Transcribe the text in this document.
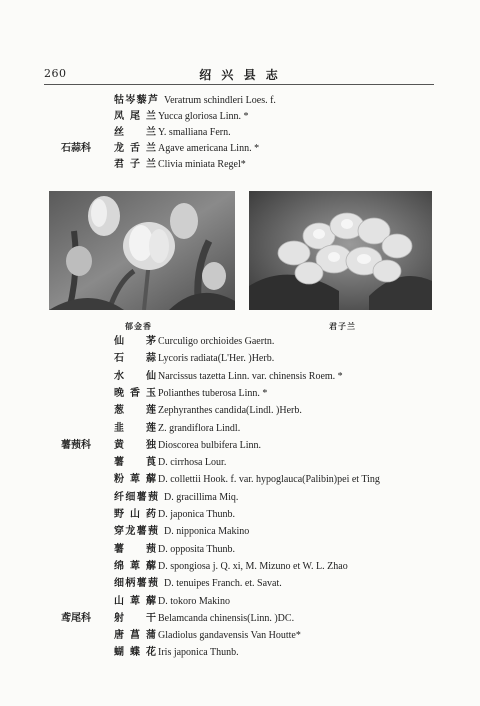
260	绍 兴 县 志
牯岑藜芦 Veratrum schindleri Loes. f.
凤尾兰 Yucca gloriosa Linn. *
丝 兰 Y. smalliana Fern.
石蒜科	龙舌兰 Agave americana Linn. *
君子兰 Clivia miniata Regel*
郁金香	君子兰
仙 茅 Curculigo orchioides Gaertn.
石 蒜 Lycoris radiata(L'Her. )Herb.
水 仙 Narcissus tazetta Linn. var. chinensis Roem. *
晚香玉 Polianthes tuberosa Linn. *
葱 莲 Zephyranthes candida(Lindl. )Herb.
韭 莲 Z. grandiflora Lindl.
薯蓣科	黄 独 Dioscorea bulbifera Linn.
薯 莨 D. cirrhosa Lour.
粉萆薢 D. collettii Hook. f. var. hypoglauca(Palibin)pei et Ting
纤细薯蓣 D. gracillima Miq.
野山药 D. japonica Thunb.
穿龙薯蓣 D. nipponica Makino
薯 蓣 D. opposita Thunb.
绵萆薢 D. spongiosa j. Q. xi, M. Mizuno et W. L. Zhao
细柄薯蓣 D. tenuipes Franch. et. Savat.
山萆薢 D. tokoro Makino
鸢尾科	射 干 Belamcanda chinensis(Linn. )DC.
唐菖蒲 Gladiolus gandavensis Van Houtte*
蝴蝶花 Iris japonica Thunb.
